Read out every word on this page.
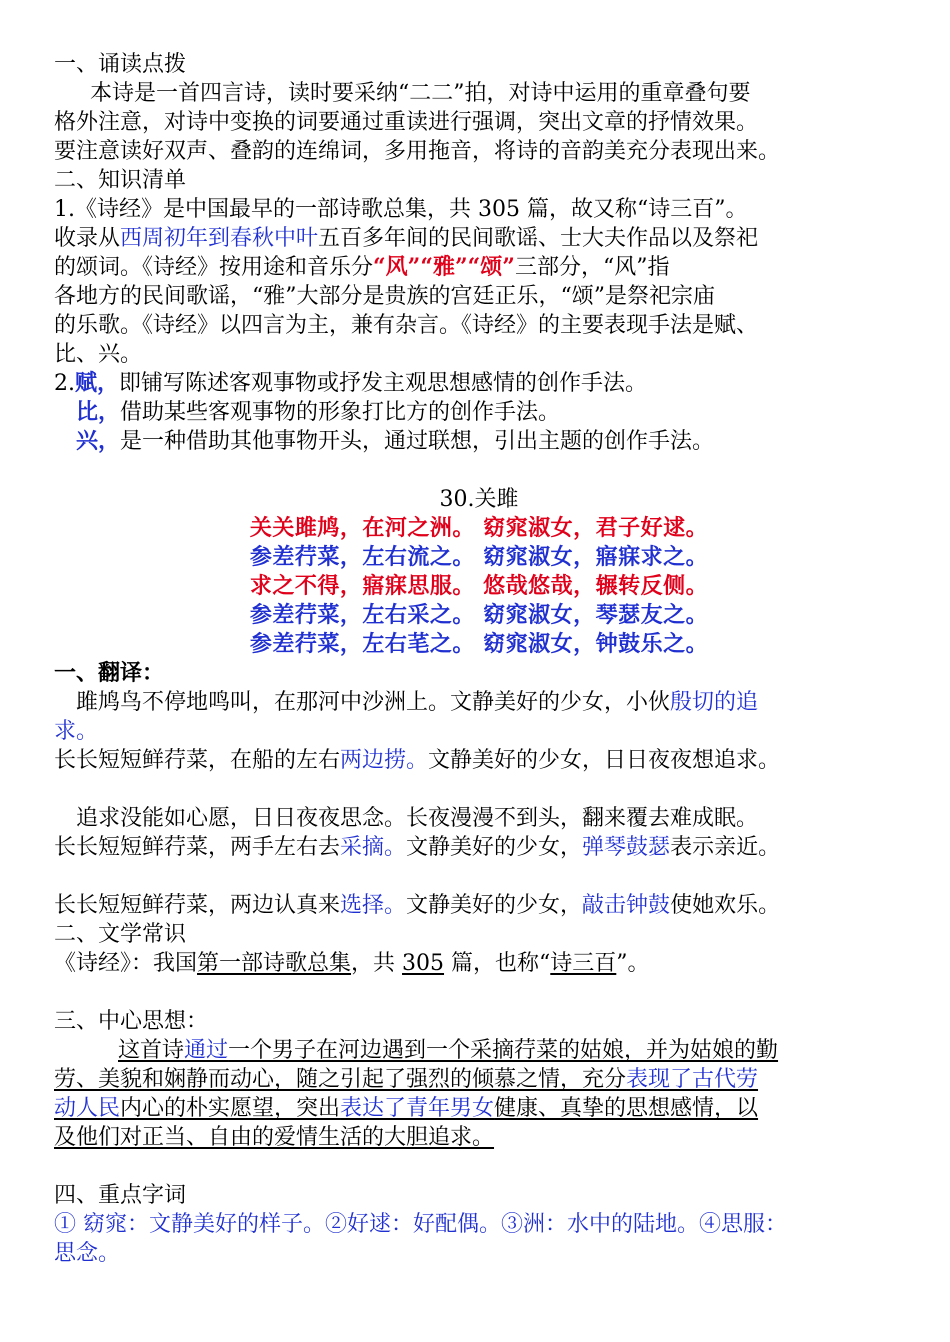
一、诵读点拨
本诗是一首四言诗，读时要采纳“二二”拍，对诗中运用的重章叠句要
格外注意，对诗中变换的词要通过重读进行强调，突出文章的抒情效果。
要注意读好双声、叠韵的连绵词，多用拖音，将诗的音韵美充分表现出来。
二、知识清单
1.《诗经》是中国最早的一部诗歌总集，共 305 篇，故又称“诗三百”。
收录从西周初年到春秋中叶五百多年间的民间歌谣、士大夫作品以及祭祀
的颂词。《诗经》按用途和音乐分“风”“雅”“颂”三部分，“风”指
各地方的民间歌谣，“雅”大部分是贵族的宫廷正乐，“颂”是祭祀宗庙
的乐歌。《诗经》以四言为主，兼有杂言。《诗经》的主要表现手法是赋、
比、兴。
2.赋，即铺写陈述客观事物或抒发主观思想感情的创作手法。
比，借助某些客观事物的形象打比方的创作手法。
兴，是一种借助其他事物开头，通过联想，引出主题的创作手法。
30.关雎
关关雎鸠，在河之洲。 窈窕淑女，君子好逑。
参差荇菜，左右流之。 窈窕淑女，寤寐求之。
求之不得，寤寐思服。 悠哉悠哉，辗转反侧。
参差荇菜，左右采之。 窈窕淑女，琴瑟友之。
参差荇菜，左右芼之。 窈窕淑女，钟鼓乐之。
一、翻译：
雎鸠鸟不停地鸣叫，在那河中沙洲上。文静美好的少女，小伙殷切的追
求。
长长短短鲜荇菜，在船的左右两边捞。文静美好的少女，日日夜夜想追求。
追求没能如心愿，日日夜夜思念。长夜漫漫不到头，翻来覆去难成眠。
长长短短鲜荇菜，两手左右去采摘。文静美好的少女，弹琴鼓瑟表示亲近。
长长短短鲜荇菜，两边认真来选择。文静美好的少女，敲击钟鼓使她欢乐。
二、文学常识
《诗经》：我国第一部诗歌总集，共 305 篇，也称“诗三百”。
三、中心思想：
这首诗通过一个男子在河边遇到一个采摘荇菜的姑娘，并为姑娘的勤
劳、美貌和娴静而动心，随之引起了强烈的倾慕之情，充分表现了古代劳
动人民内心的朴实愿望，突出表达了青年男女健康、真挚的思想感情，以
及他们对正当、自由的爱情生活的大胆追求。
四、重点字词
① 窈窕：文静美好的样子。②好逑：好配偶。③洲：水中的陆地。④思服：
思念。
